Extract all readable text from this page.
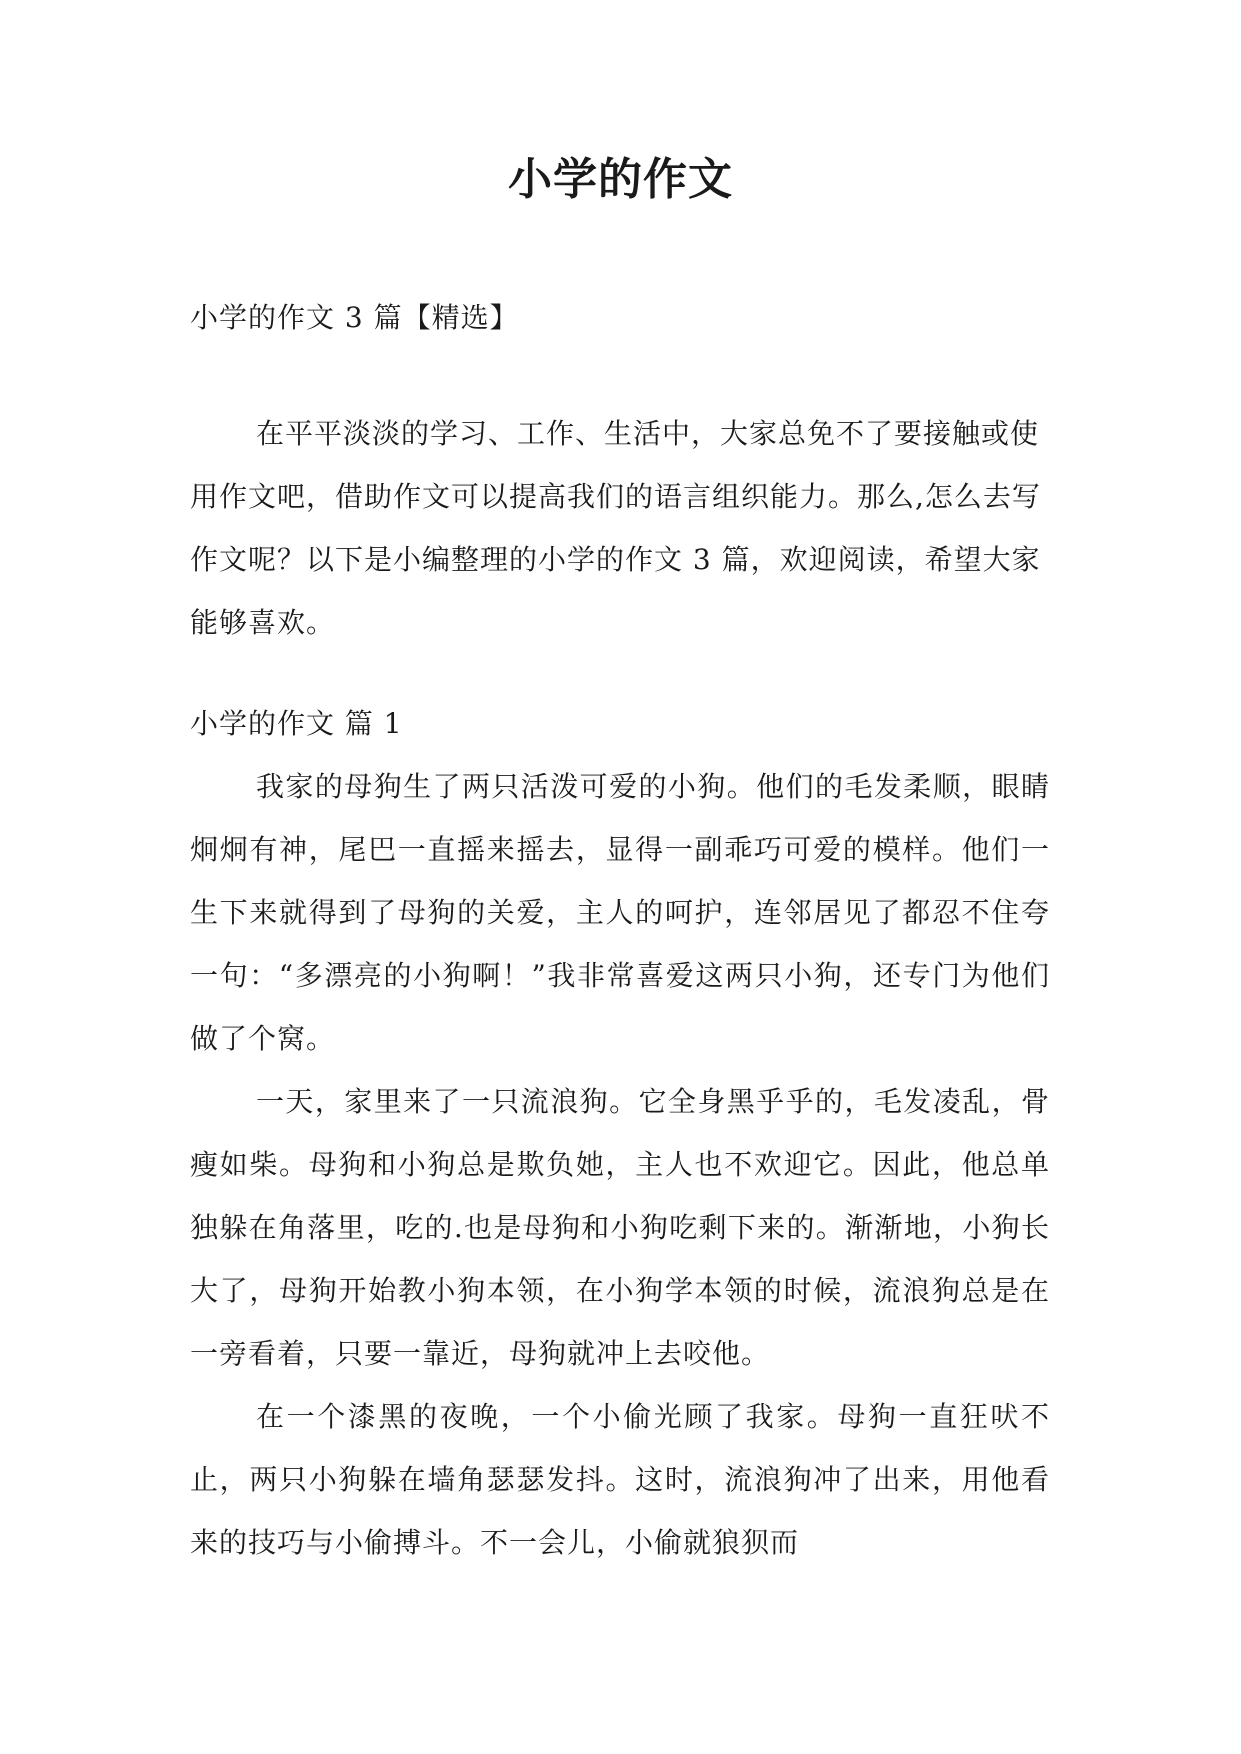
小学的作文
小学的作文 3 篇【精选】
在平平淡淡的学习、工作、生活中，大家总免不了要接触或使用作文吧，借助作文可以提高我们的语言组织能力。那么,怎么去写作文呢？以下是小编整理的小学的作文 3 篇，欢迎阅读，希望大家能够喜欢。
小学的作文 篇 1
我家的母狗生了两只活泼可爱的小狗。他们的毛发柔顺，眼睛炯炯有神，尾巴一直摇来摇去，显得一副乖巧可爱的模样。他们一生下来就得到了母狗的关爱，主人的呵护，连邻居见了都忍不住夸一句：“多漂亮的小狗啊！”我非常喜爱这两只小狗，还专门为他们做了个窝。
一天，家里来了一只流浪狗。它全身黑乎乎的，毛发凌乱，骨瘦如柴。母狗和小狗总是欺负她，主人也不欢迎它。因此，他总单独躲在角落里，吃的.也是母狗和小狗吃剩下来的。渐渐地，小狗长大了，母狗开始教小狗本领，在小狗学本领的时候，流浪狗总是在一旁看着，只要一靠近，母狗就冲上去咬他。
在一个漆黑的夜晚，一个小偷光顾了我家。母狗一直狂吠不止，两只小狗躲在墙角瑟瑟发抖。这时，流浪狗冲了出来，用他看来的技巧与小偷搏斗。不一会儿，小偷就狼狈而
